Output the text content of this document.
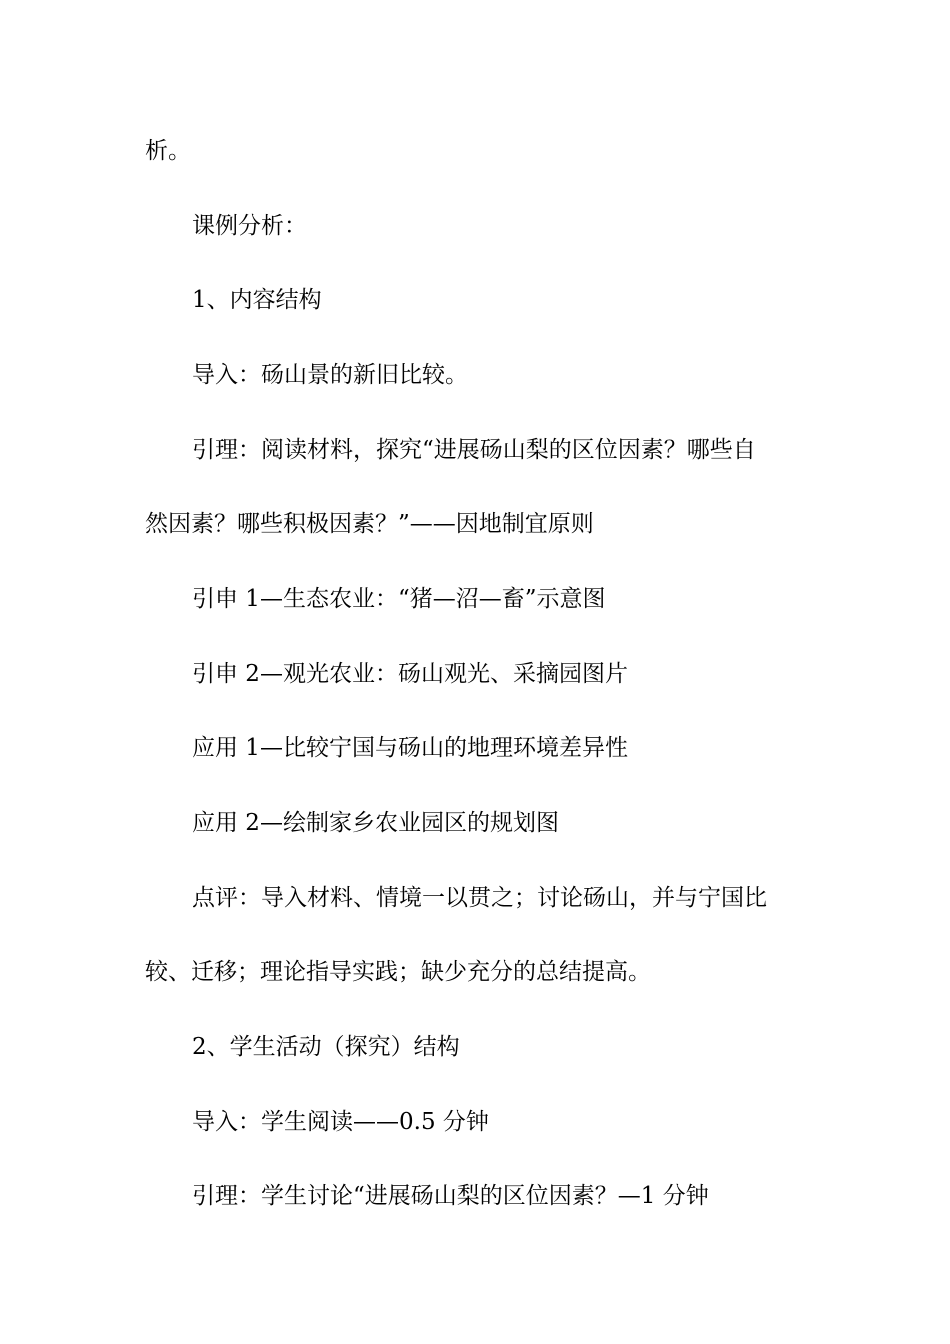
析。
课例分析：
1、内容结构
导入：砀山景的新旧比较。
引理：阅读材料，探究“进展砀山梨的区位因素？哪些自
然因素？哪些积极因素？”——因地制宜原则
引申 1—生态农业：“猪—沼—畜”示意图
引申 2—观光农业：砀山观光、采摘园图片
应用 1—比较宁国与砀山的地理环境差异性
应用 2—绘制家乡农业园区的规划图
点评：导入材料、情境一以贯之；讨论砀山，并与宁国比
较、迁移；理论指导实践；缺少充分的总结提高。
2、学生活动（探究）结构
导入：学生阅读——0.5 分钟
引理：学生讨论“进展砀山梨的区位因素？—1 分钟
